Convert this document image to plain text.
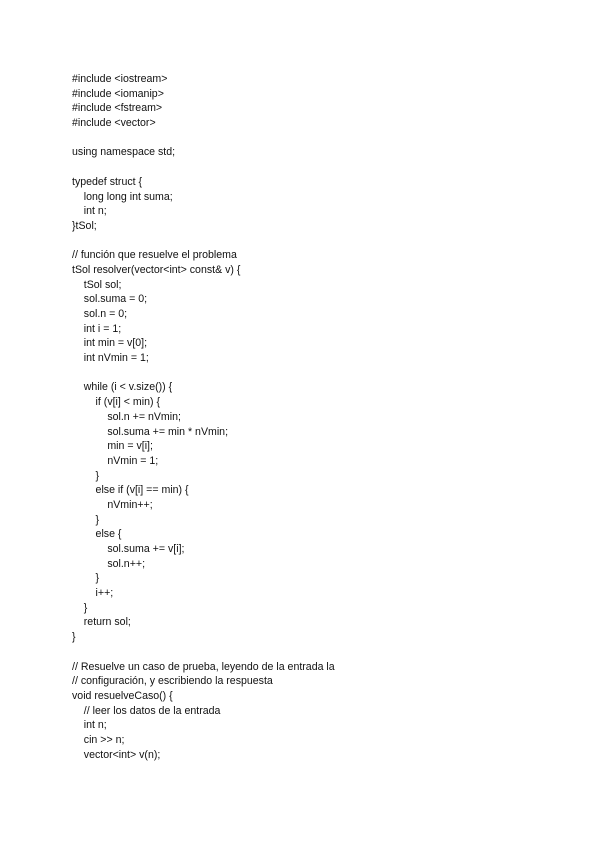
#include <iostream>
#include <iomanip>
#include <fstream>
#include <vector>
using namespace std;
typedef struct {
long long int suma;
int n;
}tSol;
// función que resuelve el problema
tSol resolver(vector<int> const& v) {
tSol sol;
sol.suma = 0;
sol.n = 0;
int i = 1;
int min = v[0];
int nVmin = 1;
while (i < v.size()) {
if (v[i] < min) {
sol.n += nVmin;
sol.suma += min * nVmin;
min = v[i];
nVmin = 1;
}
else if (v[i] == min) {
nVmin++;
}
else {
sol.suma += v[i];
sol.n++;
}
i++;
}
return sol;
}
// Resuelve un caso de prueba, leyendo de la entrada la
// configuración, y escribiendo la respuesta
void resuelveCaso() {
// leer los datos de la entrada
int n;
cin >> n;
vector<int> v(n);
